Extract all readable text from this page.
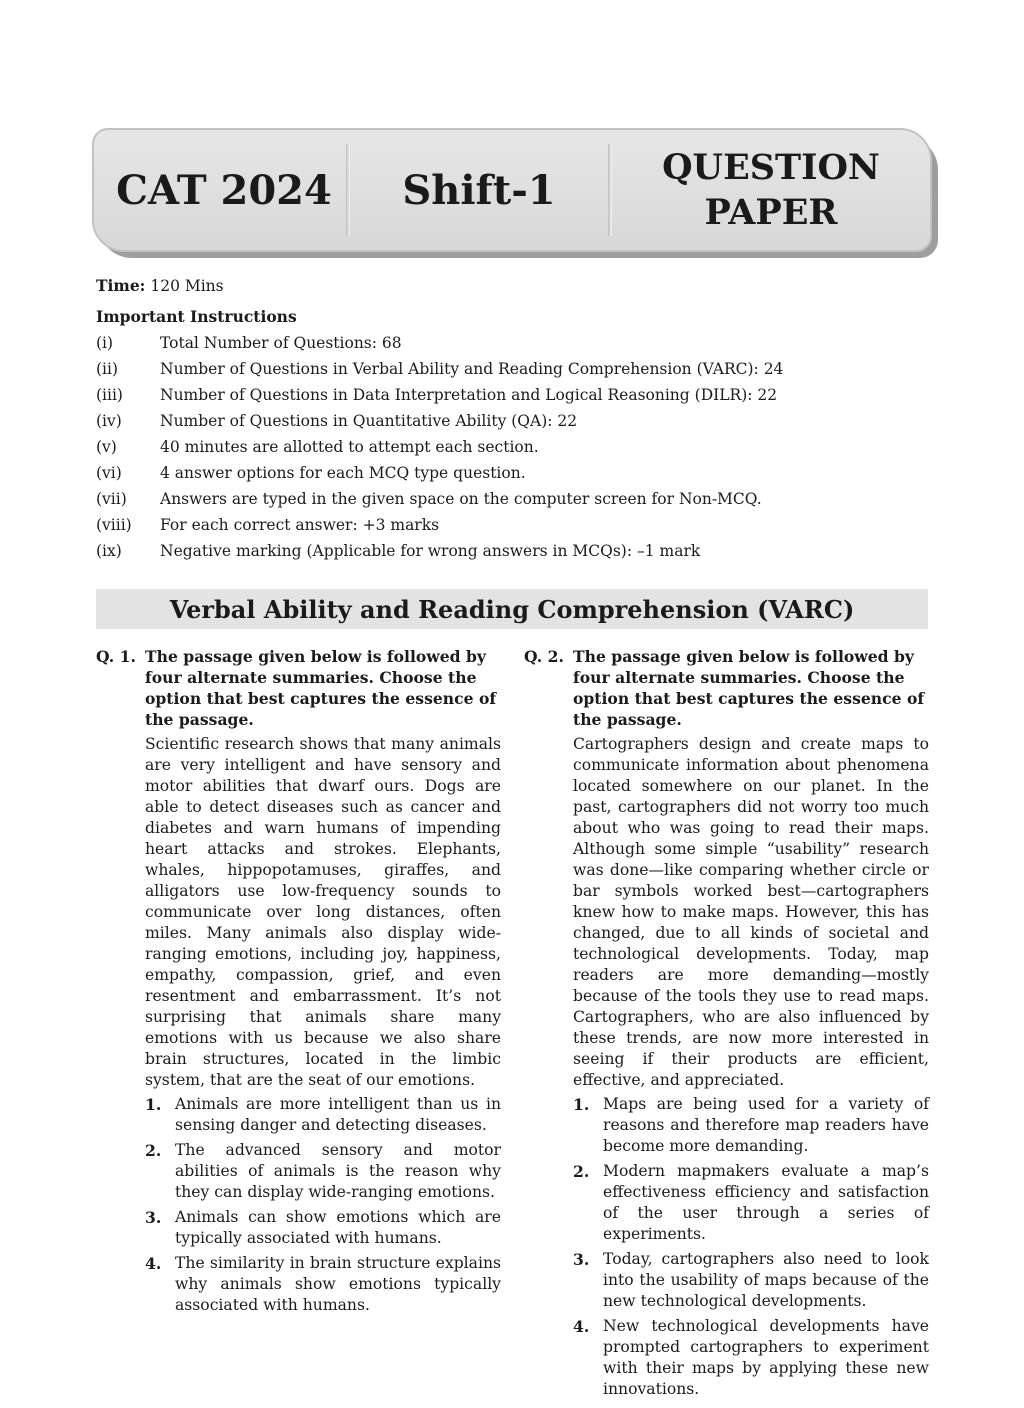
CAT 2024	Shift-1	QUESTION
PAPER
Time: 120 Mins
Important Instructions
(i)	Total Number of Questions: 68
(ii)	Number of Questions in Verbal Ability and Reading Comprehension (VARC): 24
(iii)	Number of Questions in Data Interpretation and Logical Reasoning (DILR): 22
(iv)	Number of Questions in Quantitative Ability (QA): 22
(v)	40 minutes are allotted to attempt each section.
(vi)	4 answer options for each MCQ type question.
(vii)	Answers are typed in the given space on the computer screen for Non-MCQ.
(viii)	For each correct answer: +3 marks
(ix)	Negative marking (Applicable for wrong answers in MCQs): –1 mark
Verbal Ability and Reading Comprehension (VARC)
Q. 1. The passage given below is followed by four alternate summaries. Choose the option that best captures the essence of the passage.
Scientific research shows that many animals are very intelligent and have sensory and motor abilities that dwarf ours. Dogs are able to detect diseases such as cancer and diabetes and warn humans of impending heart attacks and strokes. Elephants, whales, hippopotamuses, giraffes, and alligators use low-frequency sounds to communicate over long distances, often miles. Many animals also display wide-ranging emotions, including joy, happiness, empathy, compassion, grief, and even resentment and embarrassment. It’s not surprising that animals share many emotions with us because we also share brain structures, located in the limbic system, that are the seat of our emotions.
1. Animals are more intelligent than us in sensing danger and detecting diseases.
2. The advanced sensory and motor abilities of animals is the reason why they can display wide-ranging emotions.
3. Animals can show emotions which are typically associated with humans.
4. The similarity in brain structure explains why animals show emotions typically associated with humans.
Q. 2. The passage given below is followed by four alternate summaries. Choose the option that best captures the essence of the passage.
Cartographers design and create maps to communicate information about phenomena located somewhere on our planet. In the past, cartographers did not worry too much about who was going to read their maps. Although some simple “usability” research was done—like comparing whether circle or bar symbols worked best—cartographers knew how to make maps. However, this has changed, due to all kinds of societal and technological developments. Today, map readers are more demanding—mostly because of the tools they use to read maps. Cartographers, who are also influenced by these trends, are now more interested in seeing if their products are efficient, effective, and appreciated.
1. Maps are being used for a variety of reasons and therefore map readers have become more demanding.
2. Modern mapmakers evaluate a map’s effectiveness efficiency and satisfaction of the user through a series of experiments.
3. Today, cartographers also need to look into the usability of maps because of the new technological developments.
4. New technological developments have prompted cartographers to experiment with their maps by applying these new innovations.
